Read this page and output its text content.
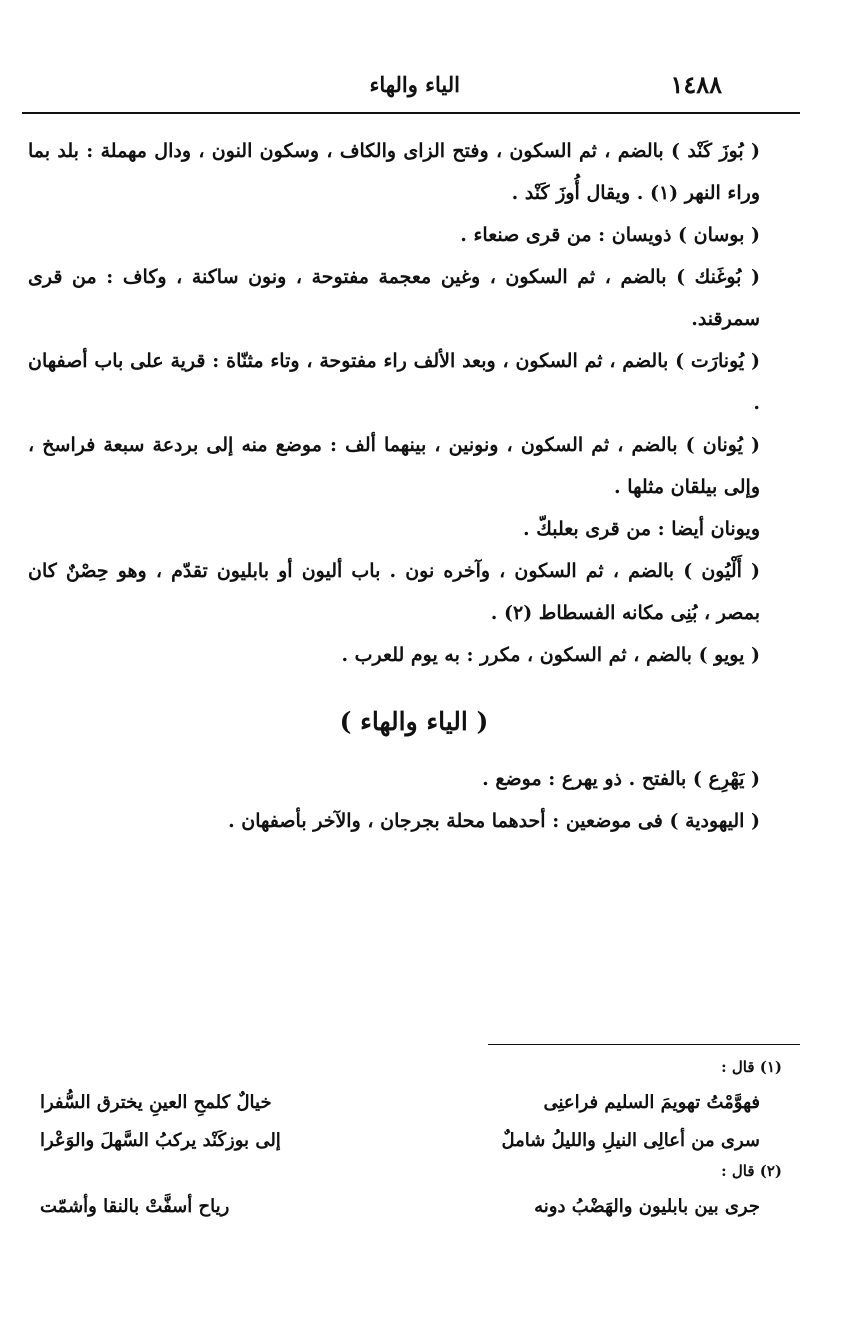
١٤٨٨
الياء والهاء

( بُوزَ كَنْد ) بالضم ، ثم السكون ، وفتح الزاى والكاف ، وسكون النون ، ودال مهملة : بلد بما وراء النهر (١) . ويقال أُوزَ كَنْد .

( بوسان ) ذويسان : من قرى صنعاء .

( بُوغَنك ) بالضم ، ثم السكون ، وغين معجمة مفتوحة ، ونون ساكنة ، وكاف : من قرى سمرقند.

( يُونارَت ) بالضم ، ثم السكون ، وبعد الألف راء مفتوحة ، وتاء مثنّاة : قرية على باب أصفهان .

( يُونان ) بالضم ، ثم السكون ، ونونين ، بينهما ألف : موضع منه إلى بردعة سبعة فراسخ ، وإلى بيلقان مثلها .

ويونان أيضا : من قرى بعلبكّ .

( أَلْيُون ) بالضم ، ثم السكون ، وآخره نون . باب أليون أو بابليون تقدّم ، وهو حِصْنٌ كان بمصر ، بُنِى مكانه الفسطاط (٢) .

( يويو ) بالضم ، ثم السكون ، مكرر : به يوم للعرب .

( الياء والهاء )

( يَهْرِع ) بالفتح . ذو يهرع : موضع .

( اليهودية ) فى موضعين : أحدهما محلة بجرجان ، والآخر بأصفهان .

(١) قال :
فهوَّمْتُ تهويمَ السليم فراعنِى
خيالٌ كلمحِ العينِ يخترق السُّفرا
سرى من أعالِى النيلِ والليلُ شاملٌ
إلى بوزكَنْد يركبُ السَّهلَ والوَعْرا
(٢) قال :
جرى بين بابليون والهَضْبُ دونه
رياح أسفَّتْ بالنقا وأشمّت
